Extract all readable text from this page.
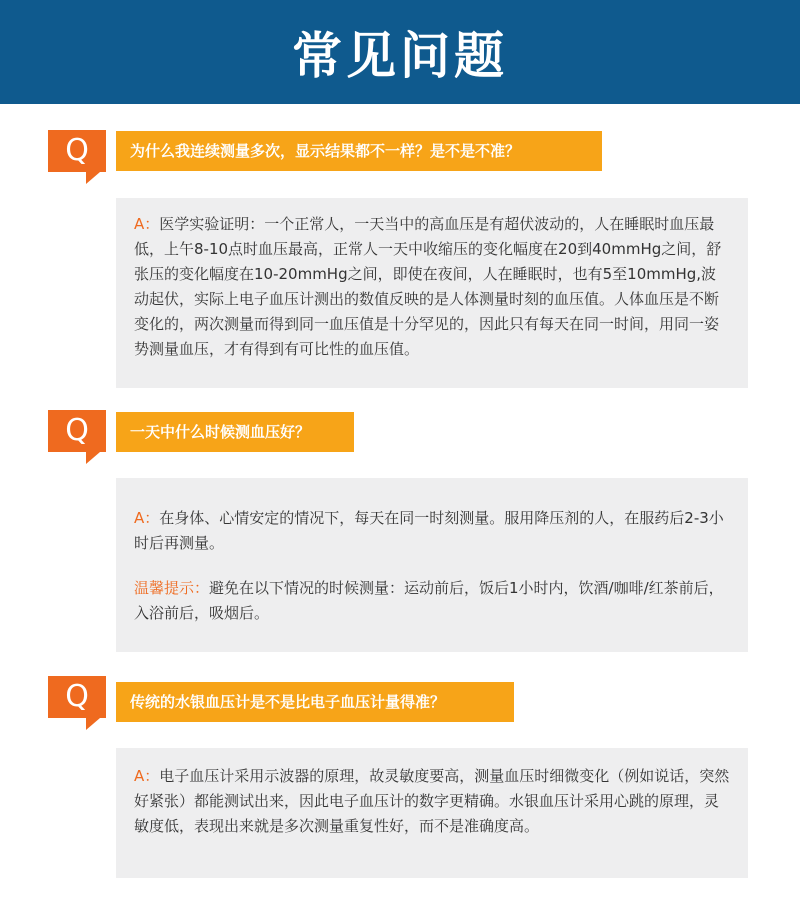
常见问题
Q	为什么我连续测量多次，显示结果都不一样？是不是不准？

A：医学实验证明：一个正常人，一天当中的高血压是有超伏波动的，人在睡眠时血压最低，上午8-10点时血压最高，正常人一天中收缩压的变化幅度在20到40mmHg之间，舒张压的变化幅度在10-20mmHg之间，即使在夜间，人在睡眠时，也有5至10mmHg,波动起伏，实际上电子血压计测出的数值反映的是人体测量时刻的血压值。人体血压是不断变化的，两次测量而得到同一血压值是十分罕见的，因此只有每天在同一时间，用同一姿势测量血压，才有得到有可比性的血压值。

Q	一天中什么时候测血压好？

A：在身体、心情安定的情况下，每天在同一时刻测量。服用降压剂的人，在服药后2-3小时后再测量。

温馨提示：避免在以下情况的时候测量：运动前后，饭后1小时内，饮酒/咖啡/红茶前后，入浴前后，吸烟后。

Q	传统的水银血压计是不是比电子血压计量得准？

A：电子血压计采用示波器的原理，故灵敏度要高，测量血压时细微变化（例如说话，突然好紧张）都能测试出来，因此电子血压计的数字更精确。水银血压计采用心跳的原理，灵敏度低，表现出来就是多次测量重复性好，而不是准确度高。
